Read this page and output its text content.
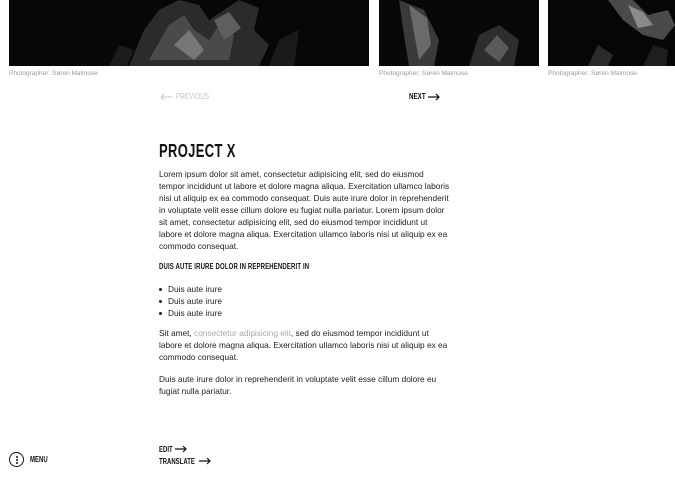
Photographer: Søren Malmose	Photographer: Søren Malmose	Photographer: Søren Malmose
PREVIOUS	NEXT
PROJECT X

Lorem ipsum dolor sit amet, consectetur adipisicing elit, sed do eiusmod tempor incididunt ut labore et dolore magna aliqua. Exercitation ullamco laboris nisi ut aliquip ex ea commodo consequat. Duis aute irure dolor in reprehenderit in voluptate velit esse cillum dolore eu fugiat nulla pariatur. Lorem ipsum dolor sit amet, consectetur adipisicing elit, sed do eiusmod tempor incididunt ut labore et dolore magna aliqua. Exercitation ullamco laboris nisi ut aliquip ex ea commodo consequat.

DUIS AUTE IRURE DOLOR IN REPREHENDERIT IN
Duis aute irure
Duis aute irure
Duis aute irure

Sit amet, consectetur adipisicing elit, sed do eiusmod tempor incididunt ut labore et dolore magna aliqua. Exercitation ullamco laboris nisi ut aliquip ex ea commodo consequat.

Duis aute irure dolor in reprehenderit in voluptate velit esse cillum dolore eu fugiat nulla pariatur.

EDIT
TRANSLATE
MENU
